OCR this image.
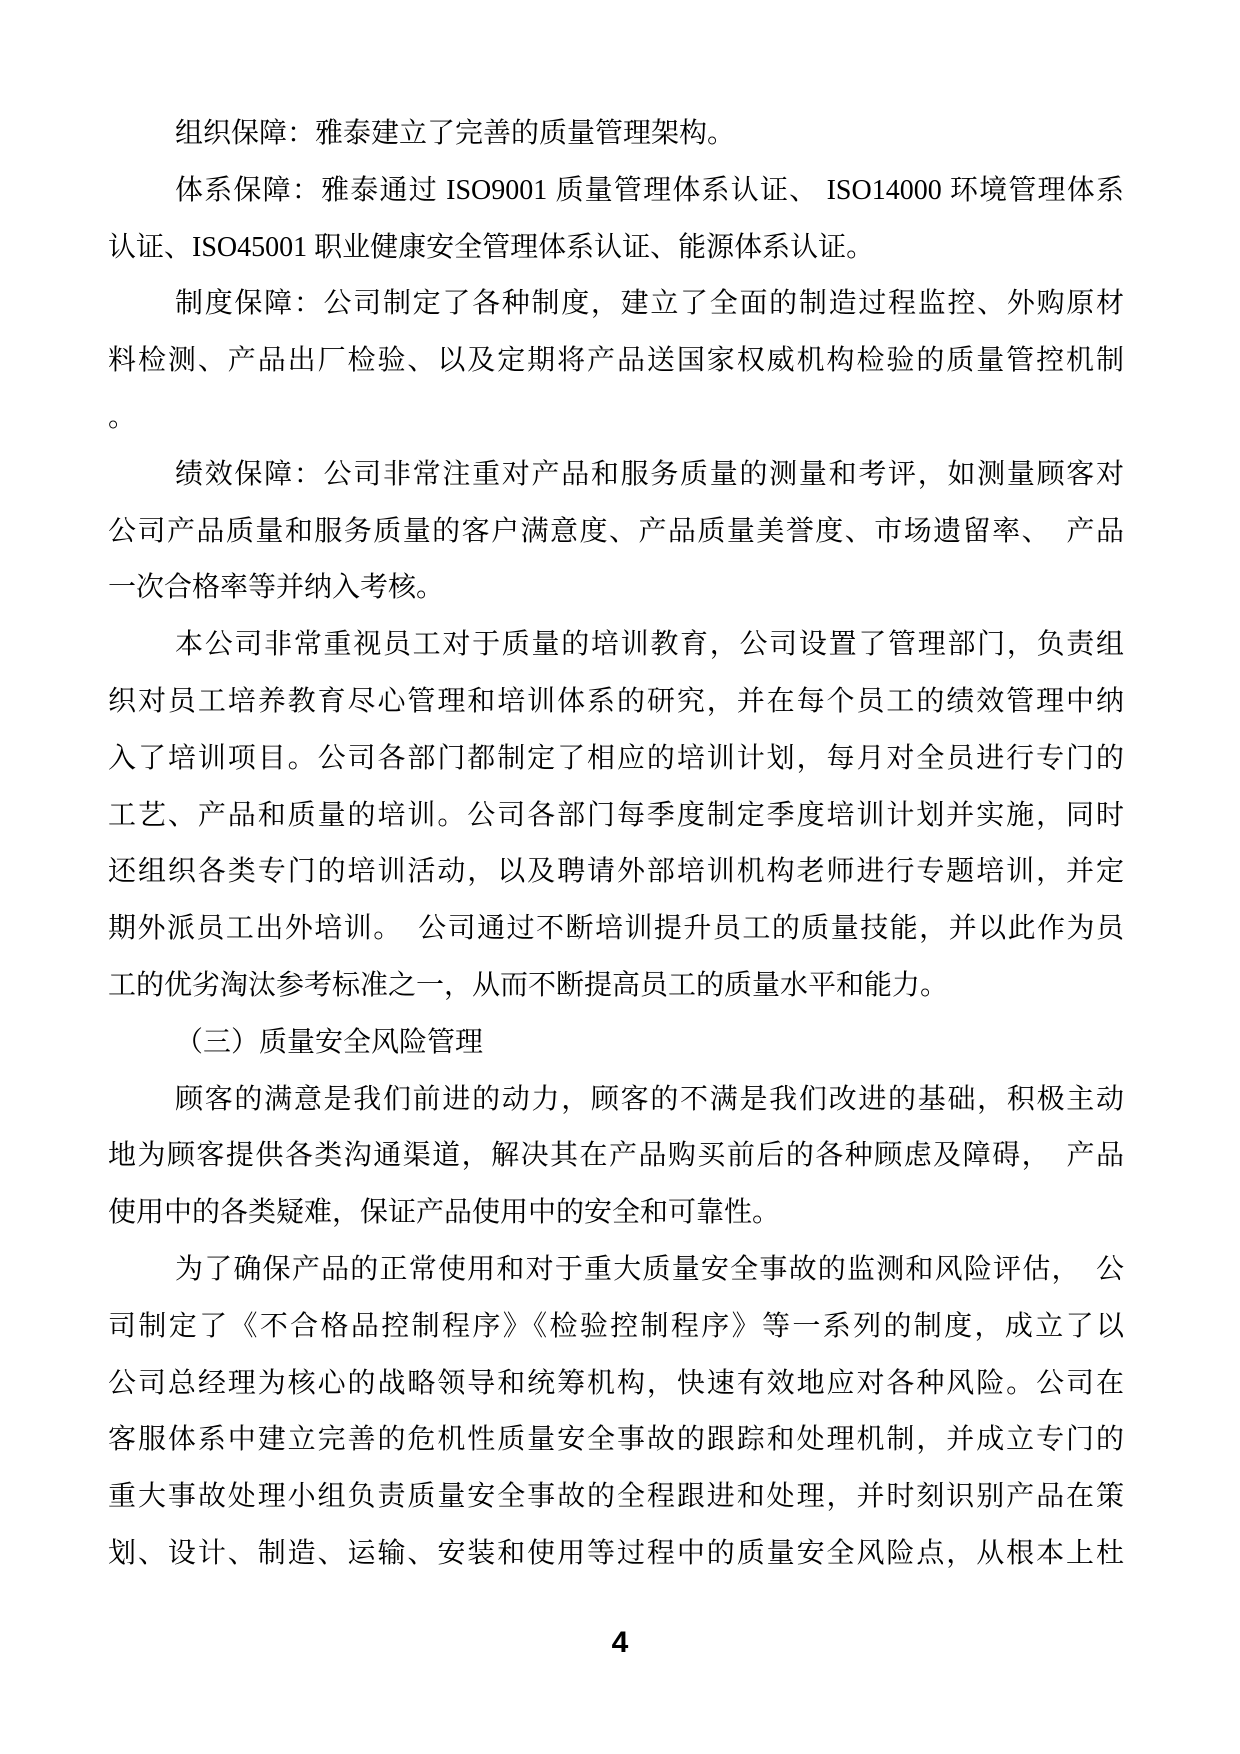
组织保障：雅泰建立了完善的质量管理架构。
体系保障：雅泰通过 ISO9001 质量管理体系认证、 ISO14000 环境管理体系
认证、ISO45001 职业健康安全管理体系认证、能源体系认证。
制度保障：公司制定了各种制度，建立了全面的制造过程监控、外购原材
料检测、产品出厂检验、以及定期将产品送国家权威机构检验的质量管控机制
。
绩效保障：公司非常注重对产品和服务质量的测量和考评，如测量顾客对
公司产品质量和服务质量的客户满意度、产品质量美誉度、市场遗留率、　产品
一次合格率等并纳入考核。
本公司非常重视员工对于质量的培训教育，公司设置了管理部门，负责组
织对员工培养教育尽心管理和培训体系的研究，并在每个员工的绩效管理中纳
入了培训项目。公司各部门都制定了相应的培训计划，每月对全员进行专门的
工艺、产品和质量的培训。公司各部门每季度制定季度培训计划并实施，同时
还组织各类专门的培训活动，以及聘请外部培训机构老师进行专题培训，并定
期外派员工出外培训。　公司通过不断培训提升员工的质量技能，并以此作为员
工的优劣淘汰参考标准之一，从而不断提高员工的质量水平和能力。
（三）质量安全风险管理
顾客的满意是我们前进的动力，顾客的不满是我们改进的基础，积极主动
地为顾客提供各类沟通渠道，解决其在产品购买前后的各种顾虑及障碍，　产品
使用中的各类疑难，保证产品使用中的安全和可靠性。
为了确保产品的正常使用和对于重大质量安全事故的监测和风险评估，　公
司制定了《不合格品控制程序》《检验控制程序》等一系列的制度，成立了以
公司总经理为核心的战略领导和统筹机构，快速有效地应对各种风险。公司在
客服体系中建立完善的危机性质量安全事故的跟踪和处理机制，并成立专门的
重大事故处理小组负责质量安全事故的全程跟进和处理，并时刻识别产品在策
划、设计、制造、运输、安装和使用等过程中的质量安全风险点，从根本上杜
4
